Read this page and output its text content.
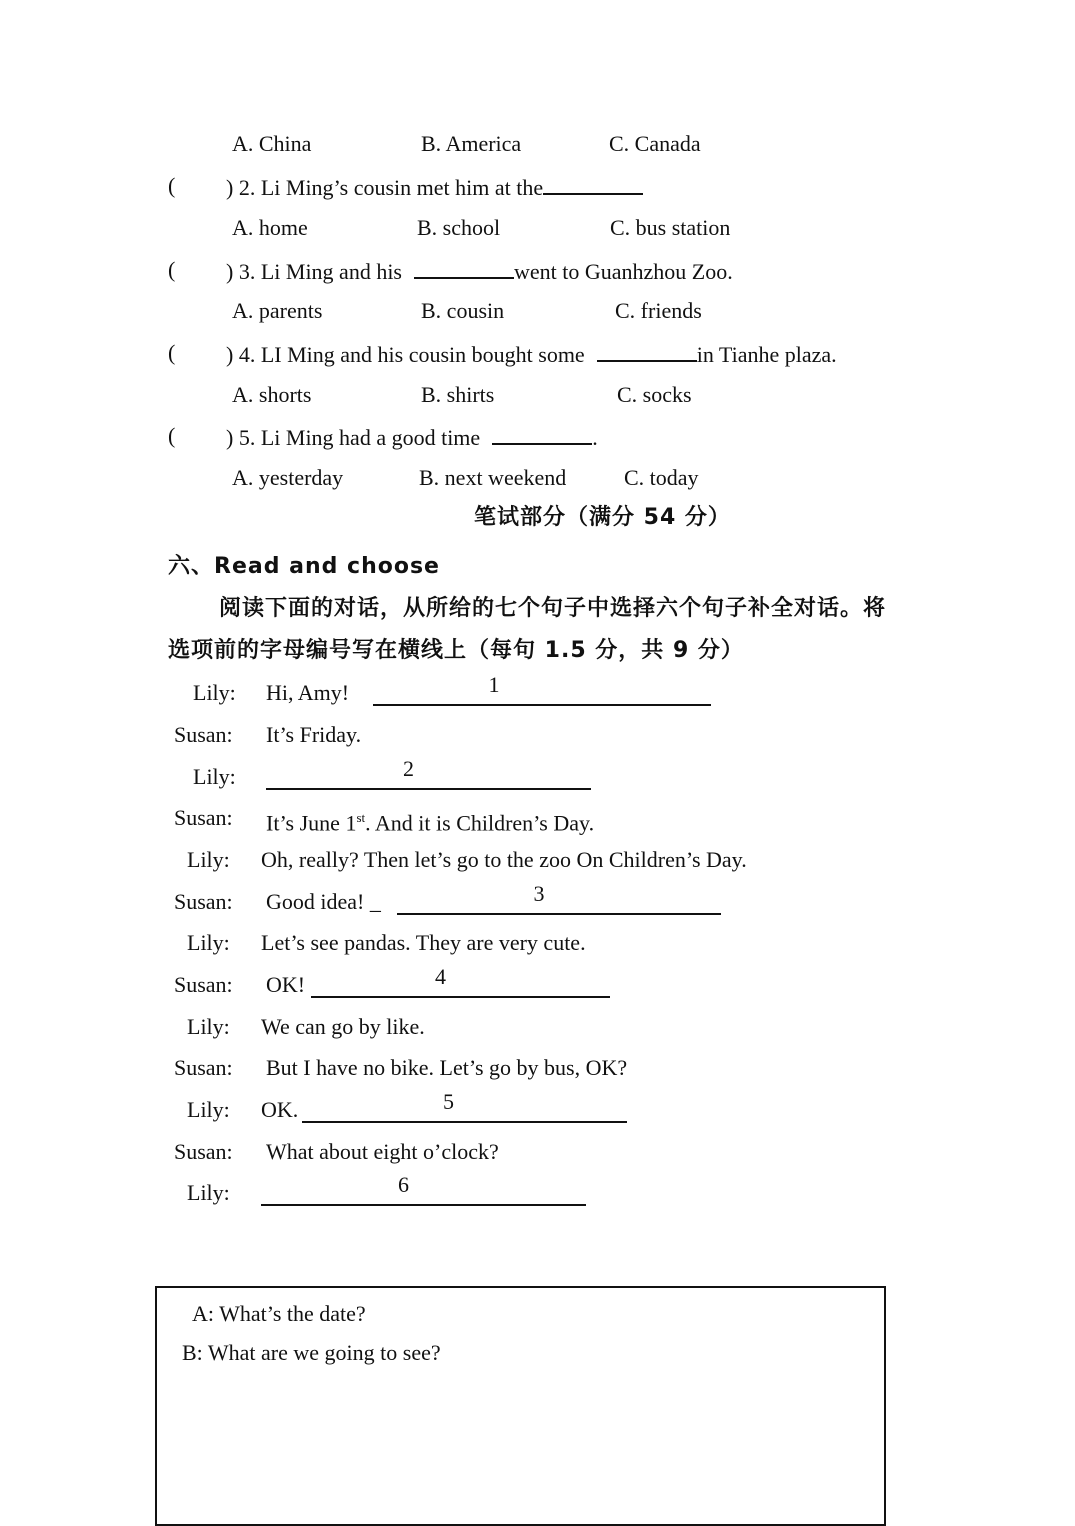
A. China	B. America	C. Canada
( ) 2. Li Ming’s cousin met him at the
A. home	B. school	C. bus station
( ) 3. Li Ming and his	went to Guanhzhou Zoo.
A. parents	B. cousin	C. friends
( ) 4. LI Ming and his cousin bought some	in Tianhe plaza.
A. shorts	B. shirts	C. socks
( ) 5. Li Ming had a good time	.
A. yesterday	B. next weekend	C. today
笔试部分（满分 54 分）
六、Read and choose
阅读下面的对话，从所给的七个句子中选择六个句子补全对话。将
选项前的字母编号写在横线上（每句 1.5 分，共 9 分）
Lily: Hi, Amy!	1
Susan: It’s Friday.
Lily:	2
Susan: It’s June 1st. And it is Children’s Day.
Lily: Oh, really? Then let’s go to the zoo On Children’s Day.
Susan: Good idea! _	3
Lily: Let’s see pandas. They are very cute.
Susan: OK!	4
Lily: We can go by like.
Susan: But I have no bike. Let’s go by bus, OK?
Lily: OK.	5
Susan: What about eight o’clock?
Lily:	6
A: What’s the date?
B: What are we going to see?
